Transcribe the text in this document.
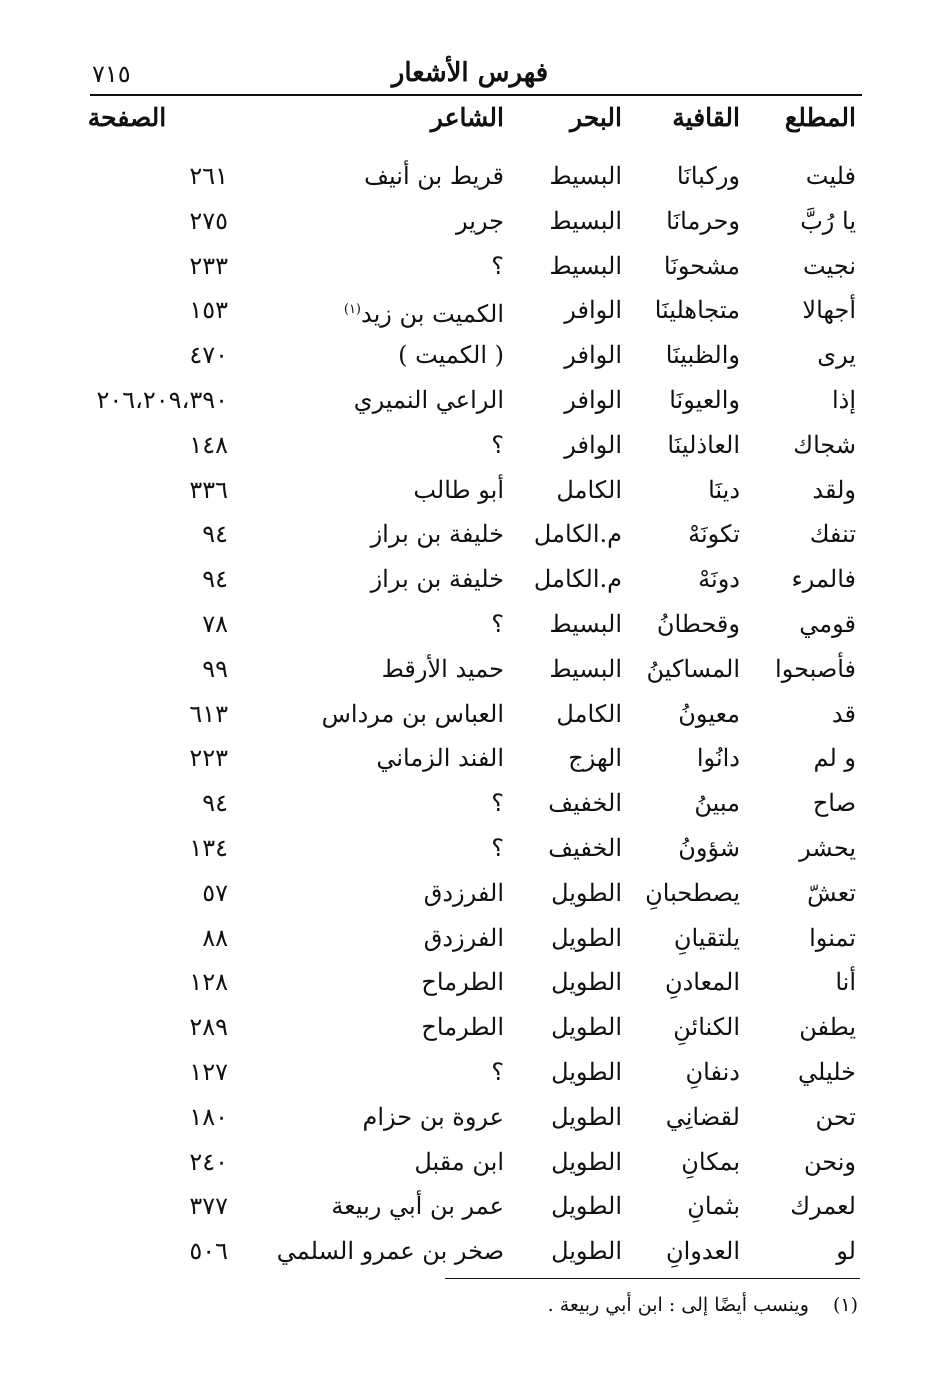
٧١٥	فهرس الأشعار
المطلع
القافية
البحر
الشاعر
الصفحة
فليت
وركبانَا
البسيط
قريط بن أنيف
٢٦١
يا رُبَّ
وحرمانَا
البسيط
جرير
٢٧٥
نجيت
مشحونَا
البسيط
؟
٢٣٣
أجهالا
متجاهلينَا
الوافر
الكميت بن زيد$^{(١)}$
١٥٣
يرى
والظبينَا
الوافر
( الكميت )
٤٧٠
إذا
والعيونَا
الوافر
الراعي النميري
٢٠٦،٢٠٩،٣٩٠
شجاك
العاذلينَا
الوافر
؟
١٤٨
ولقد
دينَا
الكامل
أبو طالب
٣٣٦
تنفك
تكونَهْ
م.الكامل
خليفة بن براز
٩٤
فالمرء
دونَهْ
م.الكامل
خليفة بن براز
٩٤
قومي
وقحطانُ
البسيط
؟
٧٨
فأصبحوا
المساكينُ
البسيط
حميد الأرقط
٩٩
قد
معيونُ
الكامل
العباس بن مرداس
٦١٣
و لم
دانُوا
الهزج
الفند الزماني
٢٢٣
صاح
مبينُ
الخفيف
؟
٩٤
يحشر
شؤونُ
الخفيف
؟
١٣٤
تعشّ
يصطحبانِ
الطويل
الفرزدق
٥٧
تمنوا
يلتقيانِ
الطويل
الفرزدق
٨٨
أنا
المعادنِ
الطويل
الطرماح
١٢٨
يطفن
الكنائنِ
الطويل
الطرماح
٢٨٩
خليلي
دنفانِ
الطويل
؟
١٢٧
تحن
لقضانِي
الطويل
عروة بن حزام
١٨٠
ونحن
بمكانِ
الطويل
ابن مقبل
٢٤٠
لعمرك
بثمانِ
الطويل
عمر بن أبي ربيعة
٣٧٧
لو
العدوانِ
الطويل
صخر بن عمرو السلمي
٥٠٦
(١) وينسب أيضًا إلى : ابن أبي ربيعة .
